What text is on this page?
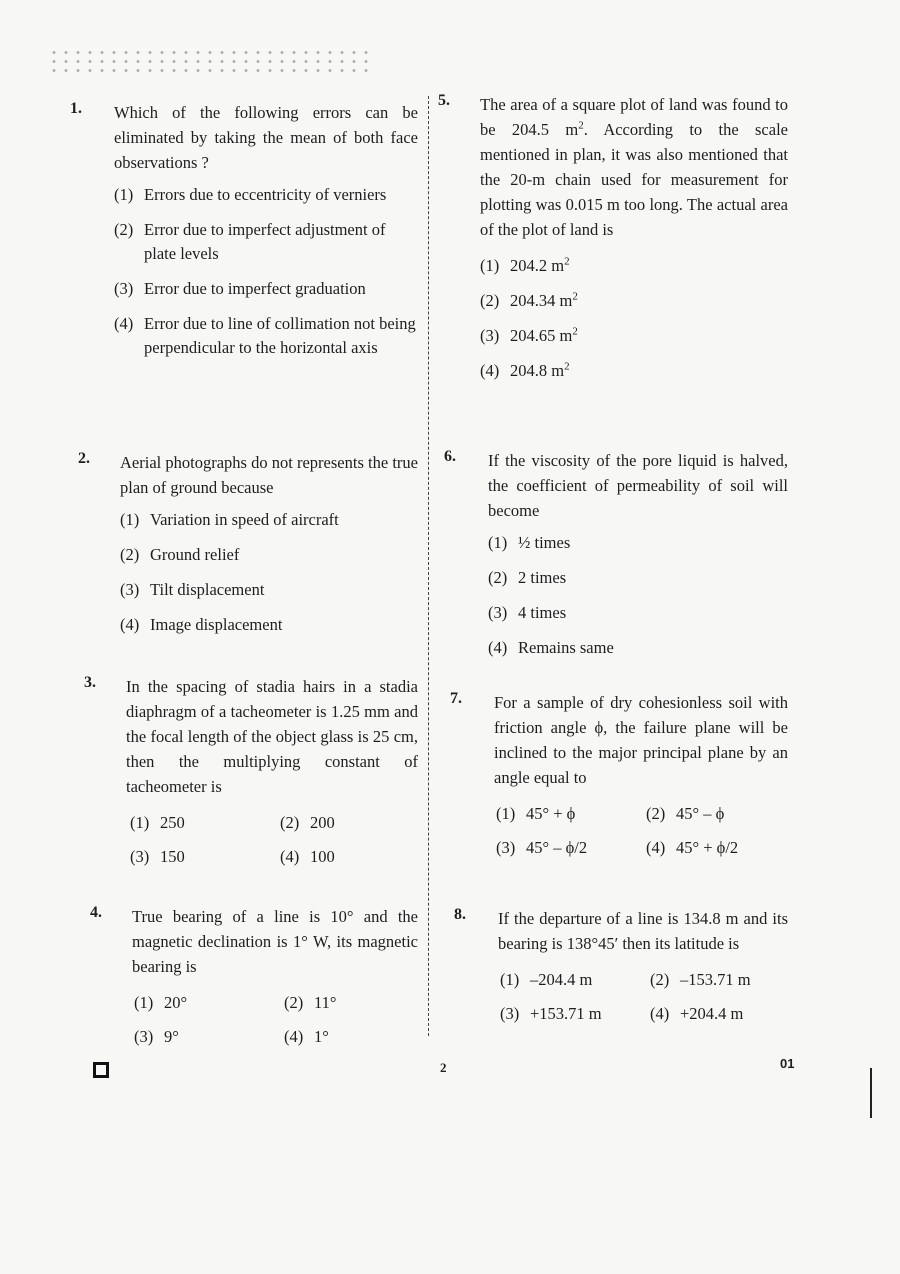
1. Which of the following errors can be eliminated by taking the mean of both face observations ?
(1) Errors due to eccentricity of verniers
(2) Error due to imperfect adjustment of plate levels
(3) Error due to imperfect graduation
(4) Error due to line of collimation not being perpendicular to the horizontal axis
2. Aerial photographs do not represents the true plan of ground because
(1) Variation in speed of aircraft
(2) Ground relief
(3) Tilt displacement
(4) Image displacement
3. In the spacing of stadia hairs in a stadia diaphragm of a tacheometer is 1.25 mm and the focal length of the object glass is 25 cm, then the multiplying constant of tacheometer is
(1) 250	(2) 200
(3) 150	(4) 100
4. True bearing of a line is 10° and the magnetic declination is 1° W, its magnetic bearing is
(1) 20°	(2) 11°
(3) 9°	(4) 1°
5. The area of a square plot of land was found to be 204.5 $m^2$. According to the scale mentioned in plan, it was also mentioned that the 20-m chain used for measurement for plotting was 0.015 m too long. The actual area of the plot of land is
(1) 204.2 $m^2$
(2) 204.34 $m^2$
(3) 204.65 $m^2$
(4) 204.8 $m^2$
6. If the viscosity of the pore liquid is halved, the coefficient of permeability of soil will become
(1) ½ times
(2) 2 times
(3) 4 times
(4) Remains same
7. For a sample of dry cohesionless soil with friction angle ϕ, the failure plane will be inclined to the major principal plane by an angle equal to
(1) 45° + ϕ	(2) 45° – ϕ
(3) 45° – ϕ/2	(4) 45° + ϕ/2
8. If the departure of a line is 134.8 m and its bearing is 138°45′ then its latitude is
(1) –204.4 m	(2) –153.71 m
(3) +153.71 m	(4) +204.4 m
2	01
